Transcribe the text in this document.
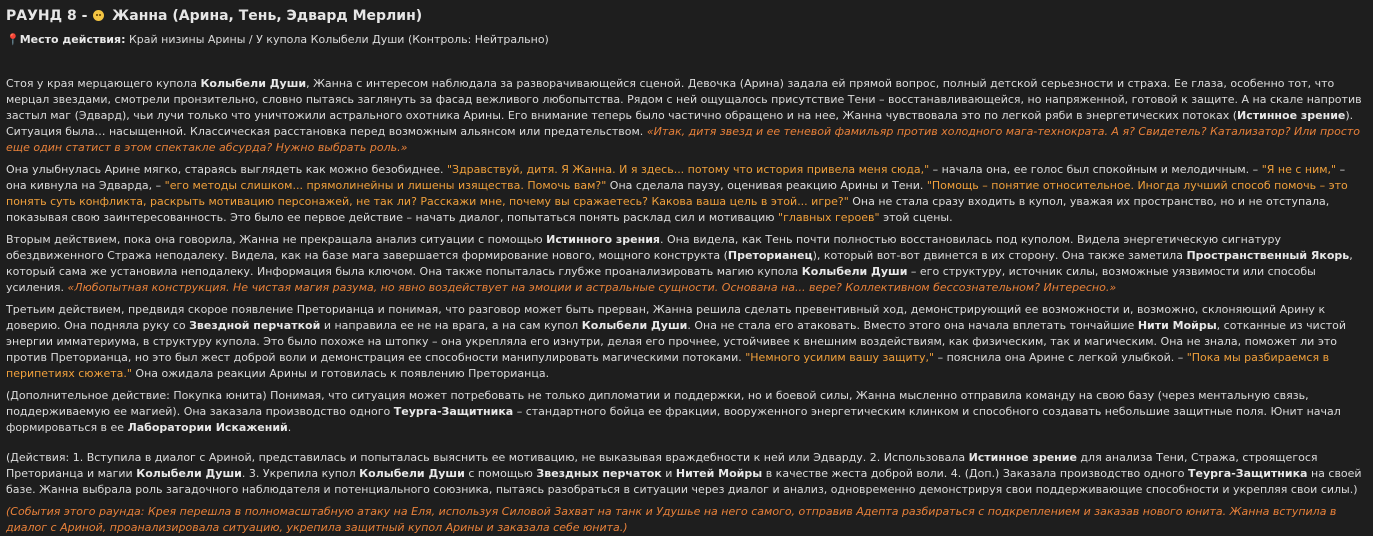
РАУНД 8 - Жанна (Арина, Тень, Эдвард Мерлин)
📍Место действия: Край низины Арины / У купола Колыбели Души (Контроль: Нейтрально)

Стоя у края мерцающего купола Колыбели Души, Жанна с интересом наблюдала за разворачивающейся сценой. Девочка (Арина) задала ей прямой вопрос, полный детской серьезности и страха. Ее глаза, особенно тот, что мерцал звездами, смотрели пронзительно, словно пытаясь заглянуть за фасад вежливого любопытства. Рядом с ней ощущалось присутствие Тени – восстанавливающейся, но напряженной, готовой к защите. А на скале напротив застыл маг (Эдвард), чьи лучи только что уничтожили астрального охотника Арины. Его внимание теперь было частично обращено и на нее, Жанна чувствовала это по легкой ряби в энергетических потоках (Истинное зрение). Ситуация была… насыщенной. Классическая расстановка перед возможным альянсом или предательством. «Итак, дитя звезд и ее теневой фамильяр против холодного мага-технократа. А я? Свидетель? Катализатор? Или просто еще один статист в этом спектакле абсурда? Нужно выбрать роль.»

Она улыбнулась Арине мягко, стараясь выглядеть как можно безобиднее. "Здравствуй, дитя. Я Жанна. И я здесь... потому что история привела меня сюда," – начала она, ее голос был спокойным и мелодичным. – "Я не с ним," – она кивнула на Эдварда, – "его методы слишком... прямолинейны и лишены изящества. Помочь вам?" Она сделала паузу, оценивая реакцию Арины и Тени. "Помощь – понятие относительное. Иногда лучший способ помочь – это понять суть конфликта, раскрыть мотивацию персонажей, не так ли? Расскажи мне, почему вы сражаетесь? Какова ваша цель в этой... игре?" Она не стала сразу входить в купол, уважая их пространство, но и не отступала, показывая свою заинтересованность. Это было ее первое действие – начать диалог, попытаться понять расклад сил и мотивацию "главных героев" этой сцены.

Вторым действием, пока она говорила, Жанна не прекращала анализ ситуации с помощью Истинного зрения. Она видела, как Тень почти полностью восстановилась под куполом. Видела энергетическую сигнатуру обездвиженного Стража неподалеку. Видела, как на базе мага завершается формирование нового, мощного конструкта (Преторианец), который вот-вот двинется в их сторону. Она также заметила Пространственный Якорь, который сама же установила неподалеку. Информация была ключом. Она также попыталась глубже проанализировать магию купола Колыбели Души – его структуру, источник силы, возможные уязвимости или способы усиления. «Любопытная конструкция. Не чистая магия разума, но явно воздействует на эмоции и астральные сущности. Основана на... вере? Коллективном бессознательном? Интересно.»

Третьим действием, предвидя скорое появление Преторианца и понимая, что разговор может быть прерван, Жанна решила сделать превентивный ход, демонстрирующий ее возможности и, возможно, склоняющий Арину к доверию. Она подняла руку со Звездной перчаткой и направила ее не на врага, а на сам купол Колыбели Души. Она не стала его атаковать. Вместо этого она начала вплетать тончайшие Нити Мойры, сотканные из чистой энергии имматериума, в структуру купола. Это было похоже на штопку – она укрепляла его изнутри, делая его прочнее, устойчивее к внешним воздействиям, как физическим, так и магическим. Она не знала, поможет ли это против Преторианца, но это был жест доброй воли и демонстрация ее способности манипулировать магическими потоками. "Немного усилим вашу защиту," – пояснила она Арине с легкой улыбкой. – "Пока мы разбираемся в перипетиях сюжета." Она ожидала реакции Арины и готовилась к появлению Преторианца.

(Дополнительное действие: Покупка юнита) Понимая, что ситуация может потребовать не только дипломатии и поддержки, но и боевой силы, Жанна мысленно отправила команду на свою базу (через ментальную связь, поддерживаемую ее магией). Она заказала производство одного Теурга-Защитника – стандартного бойца ее фракции, вооруженного энергетическим клинком и способного создавать небольшие защитные поля. Юнит начал формироваться в ее Лаборатории Искажений.

(Действия: 1. Вступила в диалог с Ариной, представилась и попыталась выяснить ее мотивацию, не выказывая враждебности к ней или Эдварду. 2. Использовала Истинное зрение для анализа Тени, Стража, строящегося Преторианца и магии Колыбели Души. 3. Укрепила купол Колыбели Души с помощью Звездных перчаток и Нитей Мойры в качестве жеста доброй воли. 4. (Доп.) Заказала производство одного Теурга-Защитника на своей базе. Жанна выбрала роль загадочного наблюдателя и потенциального союзника, пытаясь разобраться в ситуации через диалог и анализ, одновременно демонстрируя свои поддерживающие способности и укрепляя свои силы.)

(События этого раунда: Крея перешла в полномасштабную атаку на Еля, используя Силовой Захват на танк и Удушье на него самого, отправив Адепта разбираться с подкреплением и заказав нового юнита. Жанна вступила в диалог с Ариной, проанализировала ситуацию, укрепила защитный купол Арины и заказала себе юнита.)
